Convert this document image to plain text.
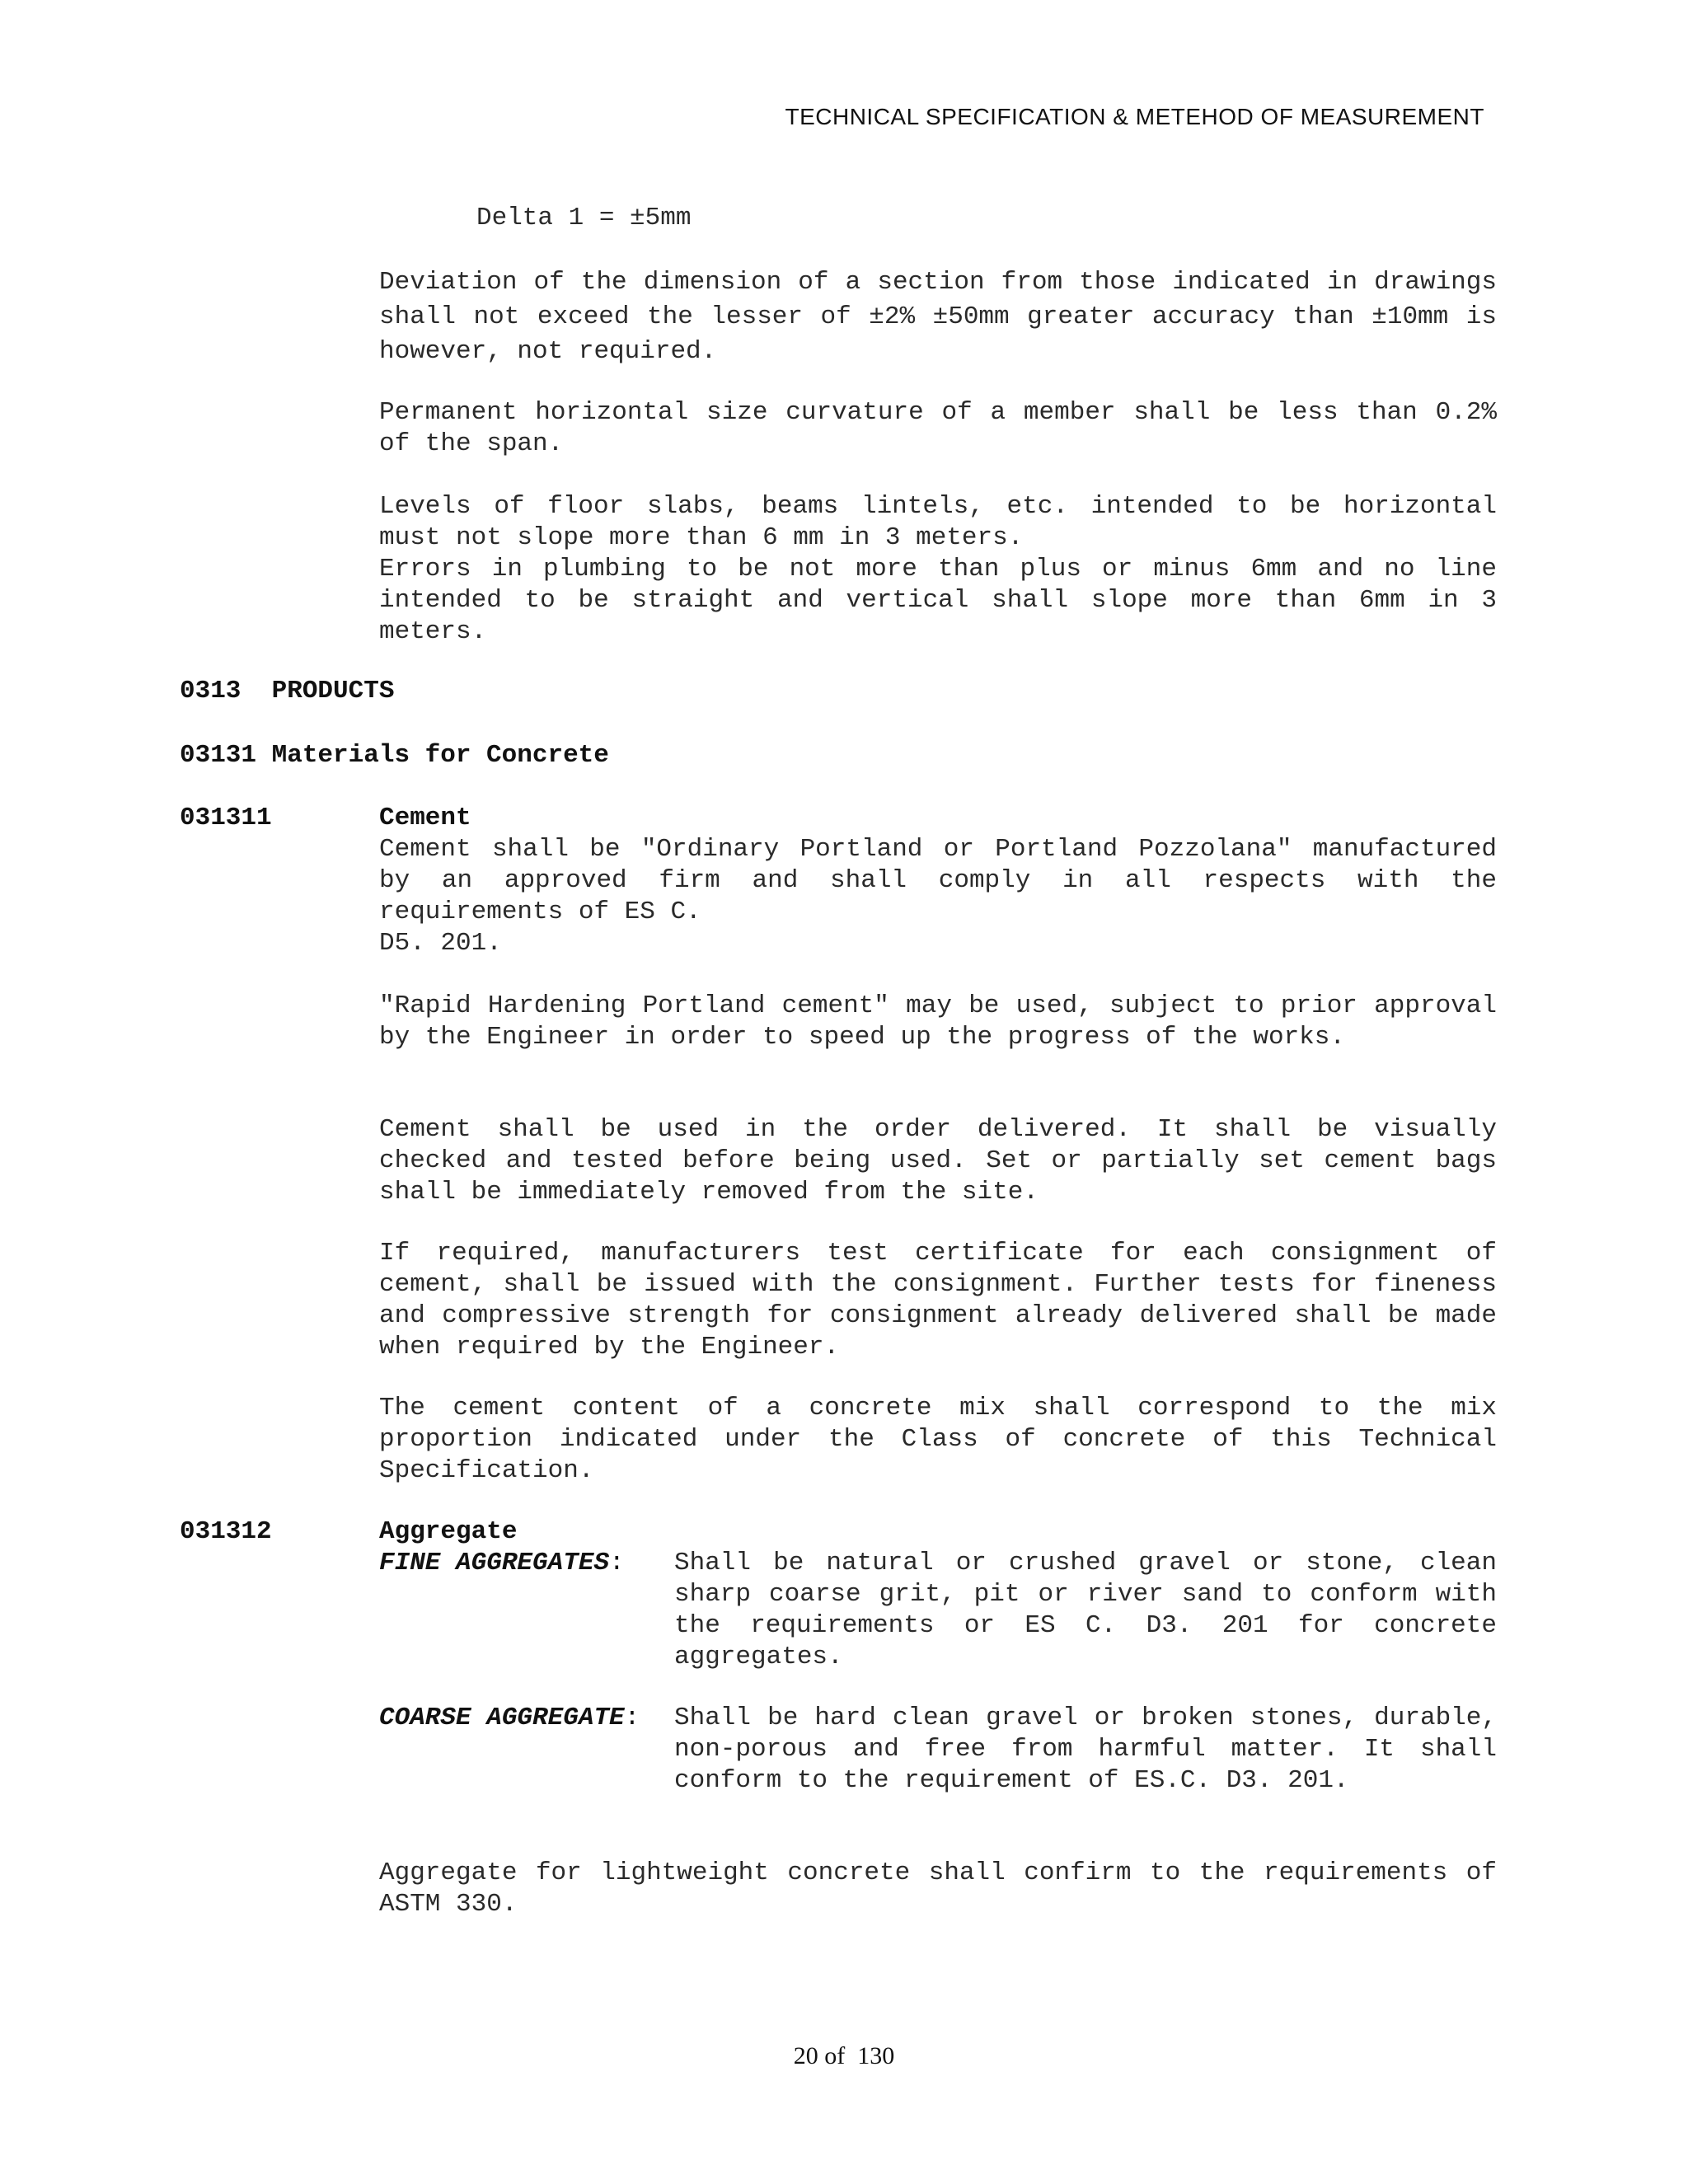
TECHNICAL SPECIFICATION & METEHOD OF MEASUREMENT
Delta 1 = ±5mm

Deviation of the dimension of a section from those indicated in drawings shall not exceed the lesser of ±2% ±50mm greater accuracy than ±10mm is however, not required.

Permanent horizontal size curvature of a member shall be less than 0.2% of the span.

Levels of floor slabs, beams lintels, etc. intended to be horizontal must not slope more than 6 mm in 3 meters.

Errors in plumbing to be not more than plus or minus 6mm and no line intended to be straight and vertical shall slope more than 6mm in 3 meters.

0313  PRODUCTS
03131 Materials for Concrete
031311	Cement

Cement shall be "Ordinary Portland or Portland Pozzolana" manufactured by an approved firm and shall comply in all respects with the requirements of ES C.

D5. 201.

"Rapid Hardening Portland cement" may be used, subject to prior approval by the Engineer in order to speed up the progress of the works.

Cement shall be used in the order delivered. It shall be visually checked and tested before being used. Set or partially set cement bags shall be immediately removed from the site.

If required, manufacturers test certificate for each consignment of cement, shall be issued with the consignment. Further tests for fineness and compressive strength for consignment already delivered shall be made when required by the Engineer.

The cement content of a concrete mix shall correspond to the mix proportion indicated under the Class of concrete of this Technical Specification.

031312	Aggregate
FINE AGGREGATES: Shall be natural or crushed gravel or stone, clean sharp coarse grit, pit or river sand to conform with the requirements or ES C. D3. 201 for concrete aggregates.

COARSE AGGREGATE: Shall be hard clean gravel or broken stones, durable, non-porous and free from harmful matter. It shall conform to the requirement of ES.C. D3. 201.

Aggregate for lightweight concrete shall confirm to the requirements of ASTM 330.

20 of 130
